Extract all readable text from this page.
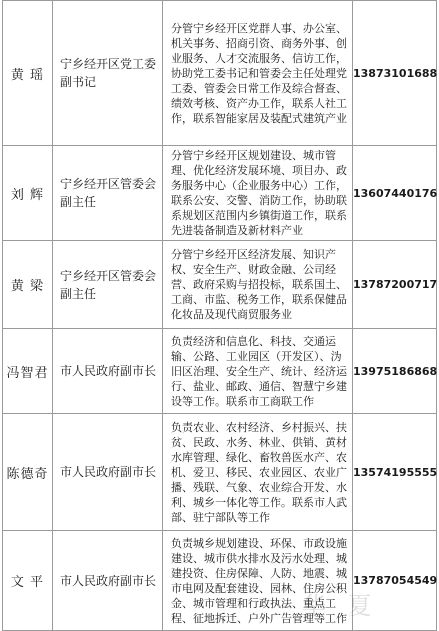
黄 瑶	宁乡经开区党工委副书记	分管宁乡经开区党群人事、办公室、机关事务、招商引资、商务外事、创业服务、人才交流服务、信访工作，协助党工委书记和管委会主任处理党工委、管委会日常工作及综合督查、绩效考核、资产办工作，联系人社工作，联系智能家居及装配式建筑产业	13873101688
刘 辉	宁乡经开区管委会副主任	分管宁乡经开区规划建设、城市管理、优化经济发展环境、项目办、政务服务中心（企业服务中心）工作，联系公安、交警、消防工作，协助联系规划区范围内乡镇街道工作，联系先进装备制造及新材料产业	13607440176
黄 梁	宁乡经开区管委会副主任	分管宁乡经开区经济发展、知识产权、安全生产、财政金融、公司经营、政府采购与招投标，联系国土、工商、市监、税务工作，联系保健品化妆品及现代商贸服务业	13787200717
冯智君	市人民政府副市长	负责经济和信息化、科技、交通运输、公路、工业园区（开发区）、沩旧区治理、安全生产、统计、经济运行、盐业、邮政、通信、智慧宁乡建设等工作。联系市工商联工作	13975186868
陈德奇	市人民政府副市长	负责农业、农村经济、乡村振兴、扶贫、民政、水务、林业、供销、黄材水库管理、绿化、畜牧兽医水产、农机、爱卫、移民、农业园区、农业广播、残联、气象、农业综合开发、水利、城乡一体化等工作。联系市人武部、驻宁部队等工作	13574195555
文 平	市人民政府副市长	负责城乡规划建设、环保、市政设施建设、城市供水排水及污水处理、城建投资、住房保障、人防、地震、城市电网及配套建设、园林、住房公积金、城市管理和行政执法、重点工程、征地拆迁、户外广告管理等工作	13787054549
华 夏
